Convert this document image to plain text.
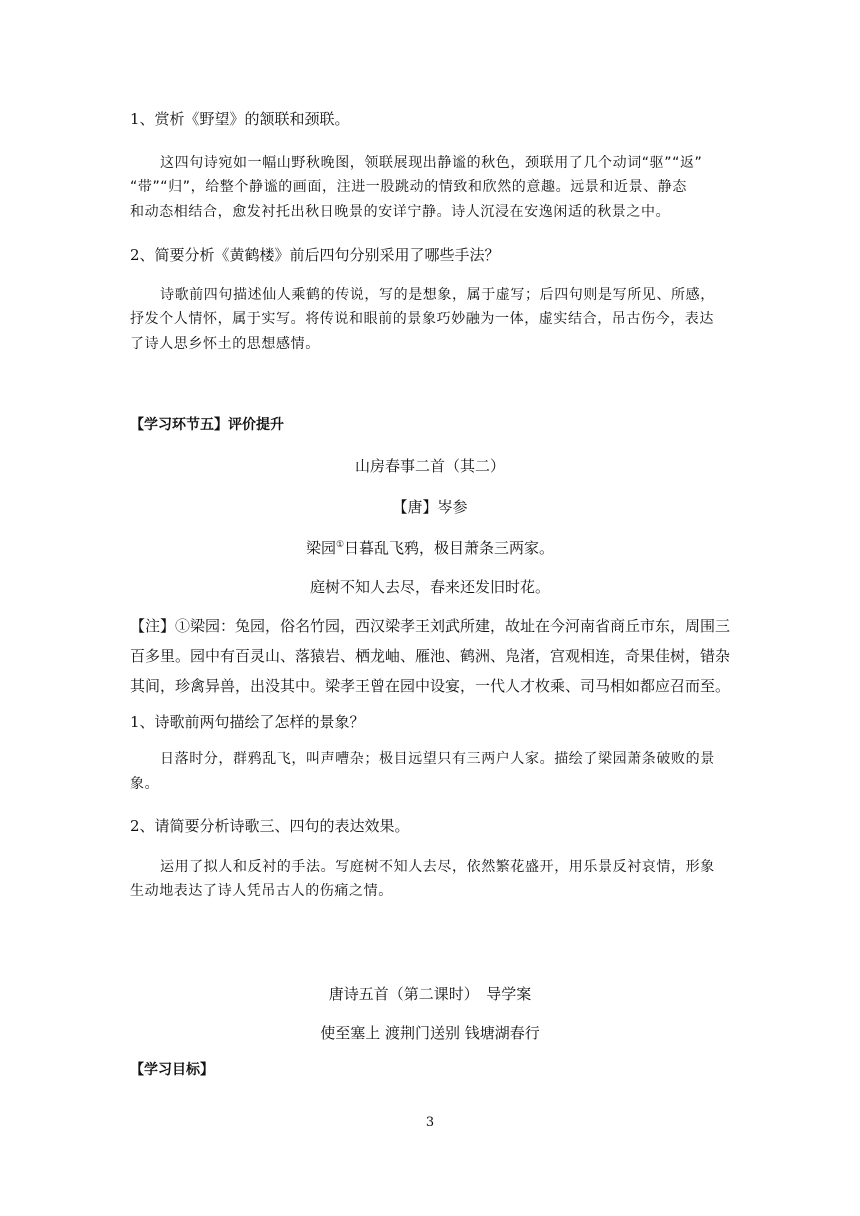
1、赏析《野望》的颔联和颈联。
这四句诗宛如一幅山野秋晚图，领联展现出静谧的秋色，颈联用了几个动词“驱”“返”
“带”“归”，给整个静谧的画面，注进一股跳动的情致和欣然的意趣。远景和近景、静态
和动态相结合，愈发衬托出秋日晚景的安详宁静。诗人沉浸在安逸闲适的秋景之中。
2、简要分析《黄鹤楼》前后四句分别采用了哪些手法？
诗歌前四句描述仙人乘鹤的传说，写的是想象，属于虚写；后四句则是写所见、所感，
抒发个人情怀，属于实写。将传说和眼前的景象巧妙融为一体，虚实结合，吊古伤今，表达
了诗人思乡怀土的思想感情。
【学习环节五】评价提升
山房春事二首（其二）
【唐】岑参
梁园①日暮乱飞鸦，极目萧条三两家。
庭树不知人去尽，春来还发旧时花。
【注】①梁园：兔园，俗名竹园，西汉梁孝王刘武所建，故址在今河南省商丘市东，周围三
百多里。园中有百灵山、落猿岩、栖龙岫、雁池、鹤洲、凫渚，宫观相连，奇果佳树，错杂
其间，珍禽异兽，出没其中。梁孝王曾在园中设宴，一代人才枚乘、司马相如都应召而至。
1、诗歌前两句描绘了怎样的景象？
日落时分，群鸦乱飞，叫声嘈杂；极目远望只有三两户人家。描绘了梁园萧条破败的景
象。
2、请简要分析诗歌三、四句的表达效果。
运用了拟人和反衬的手法。写庭树不知人去尽，依然繁花盛开，用乐景反衬哀情，形象
生动地表达了诗人凭吊古人的伤痛之情。
唐诗五首（第二课时）　导学案
使至塞上 渡荆门送别 钱塘湖春行
【学习目标】
3
